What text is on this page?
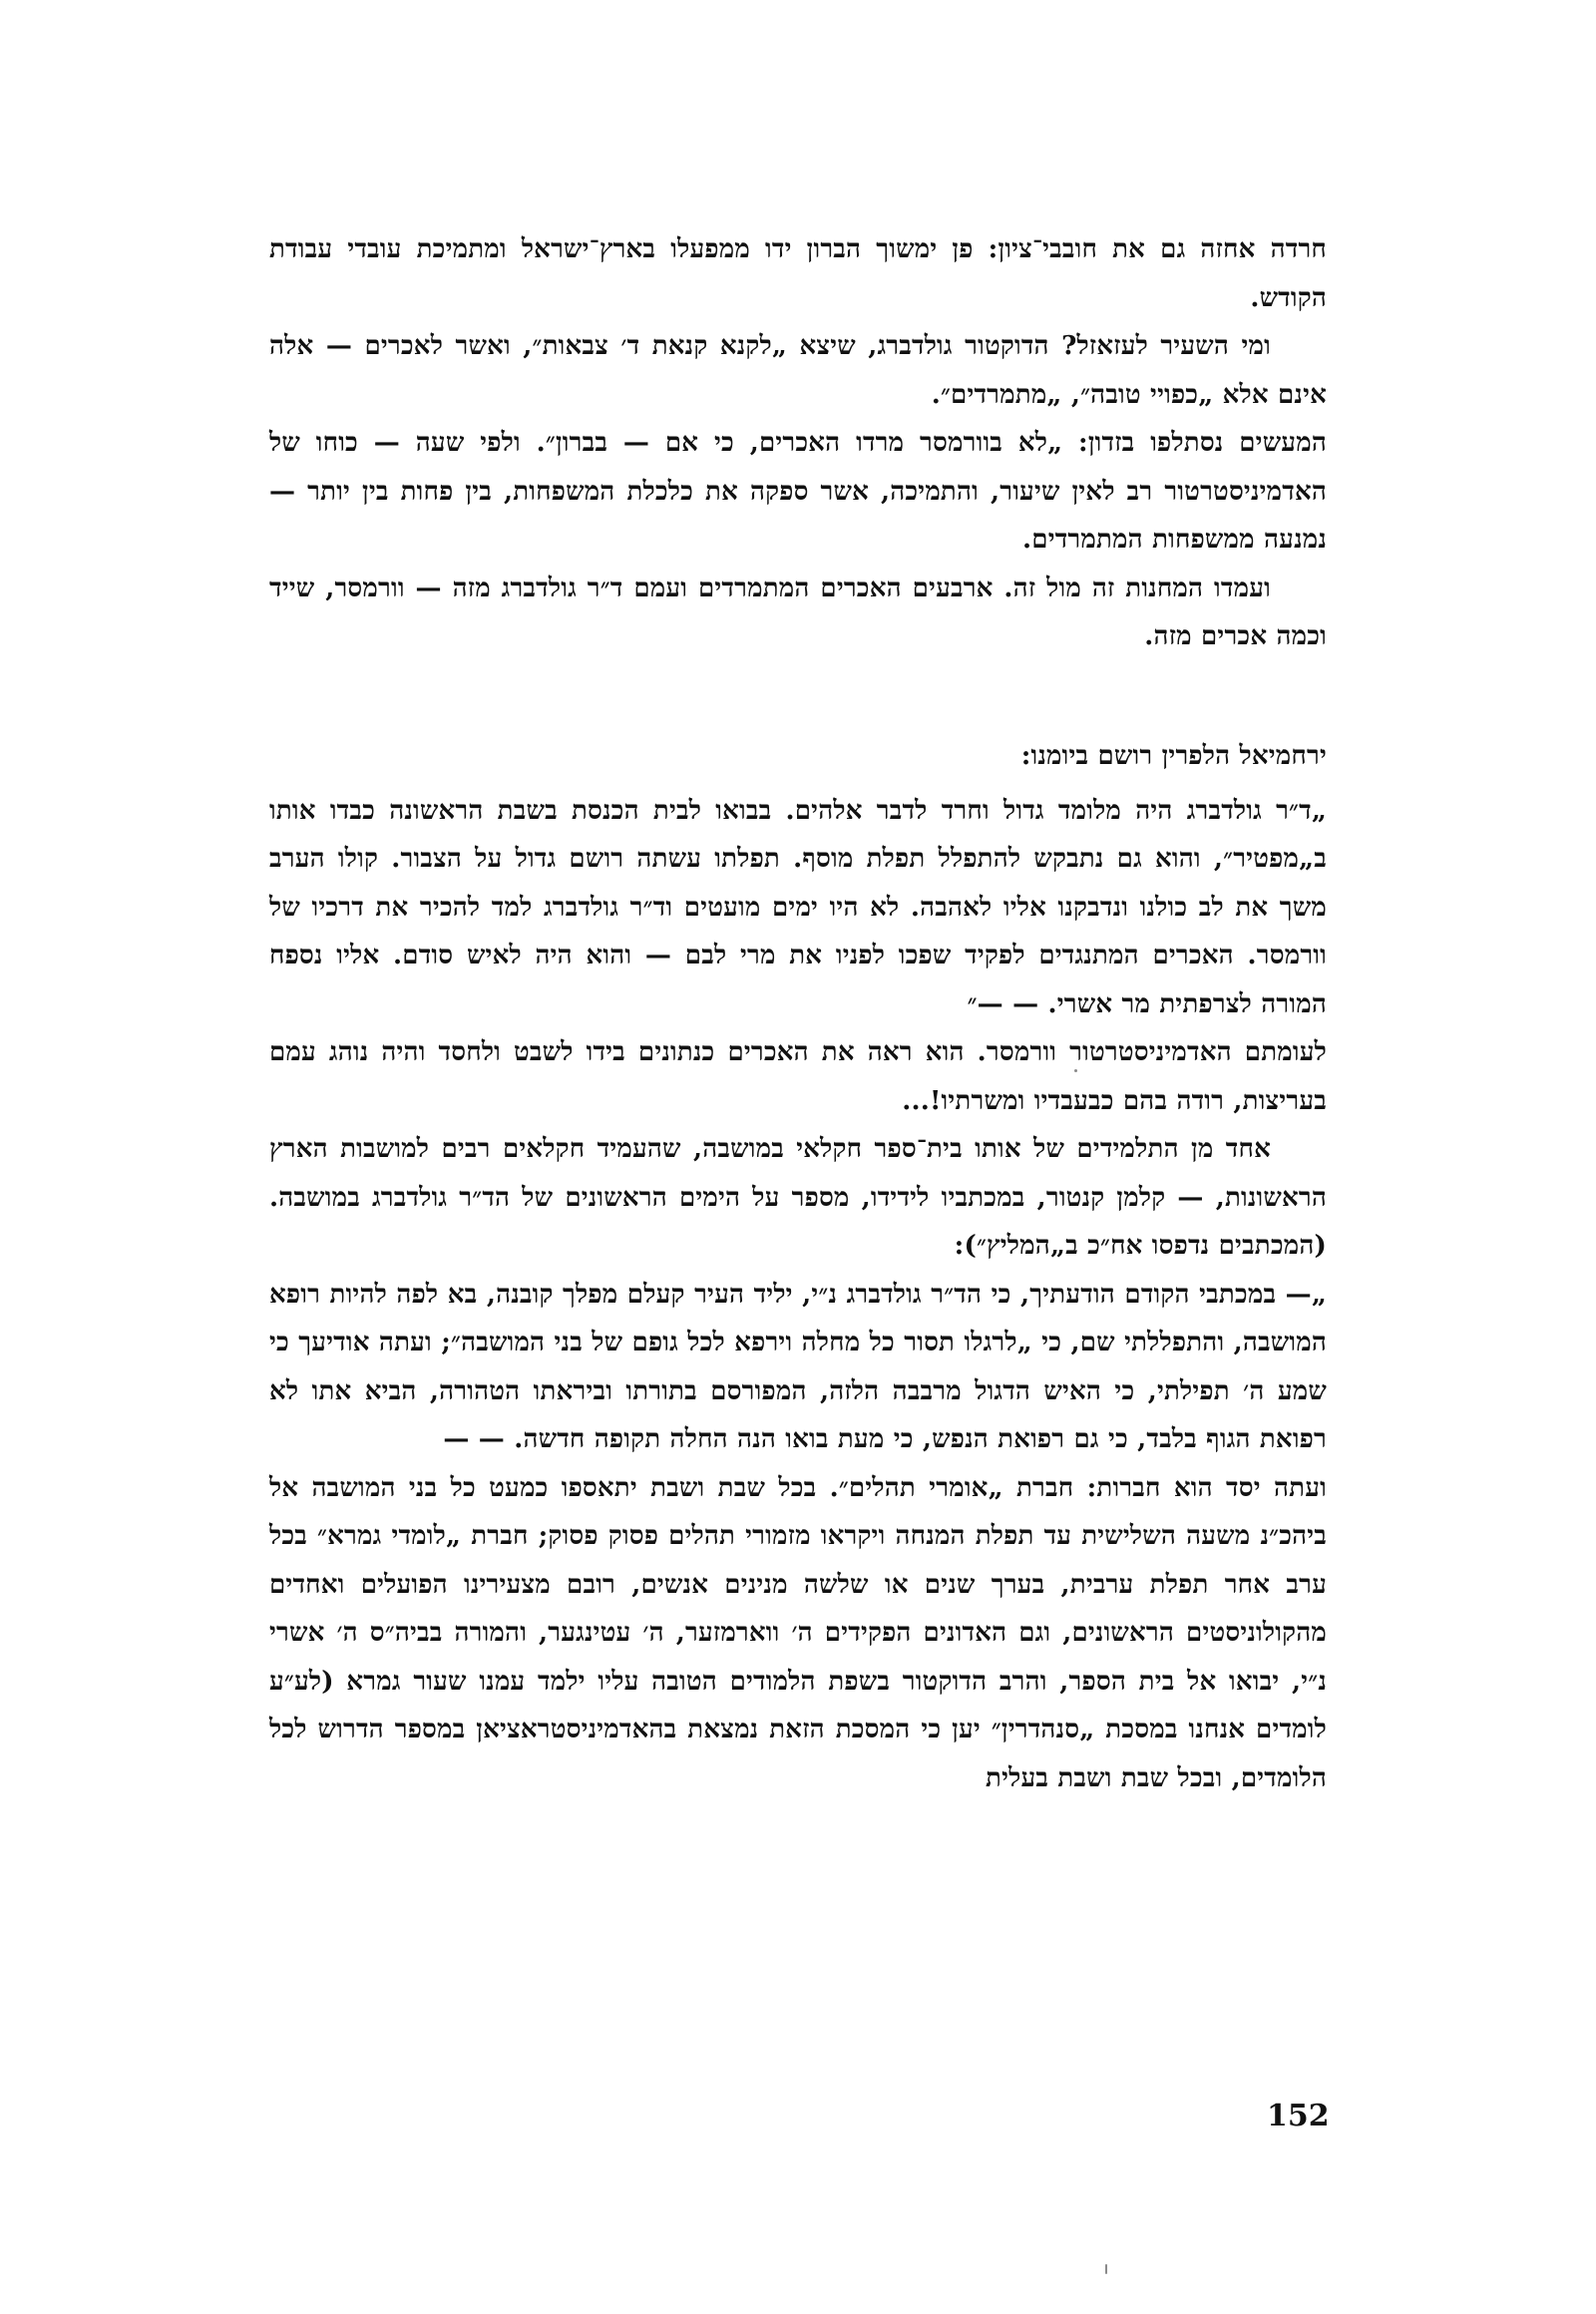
חרדה אחזה גם את חובבי־ציון: פן ימשוך הברון ידו ממפעלו בארץ־ישראל ומתמיכת עובדי עבודת הקודש.

ומי השעיר לעזאזל? הדוקטור גולדברג, שיצא „לקנא קנאת ד׳ צבאות״, ואשר לאכרים — אלה אינם אלא „כפויי טובה״, „מתמרדים״.

המעשים נסתלפו בזדון: „לא בוורמסר מרדו האכרים, כי אם — בברון״. ולפי שעה — כוחו של האדמיניסטרטור רב לאין שיעור, והתמיכה, אשר ספקה את כלכלת המשפחות, בין פחות בין יותר — נמנעה ממשפחות המתמרדים.

ועמדו המחנות זה מול זה. ארבעים האכרים המתמרדים ועמם ד״ר גולדברג מזה — וורמסר, שייד וכמה אכרים מזה.

ירחמיאל הלפרין רושם ביומנו:

„ד״ר גולדברג היה מלומד גדול וחרד לדבר אלהים. בבואו לבית הכנסת בשבת הראשונה כבדו אותו ב„מפטיר״, והוא גם נתבקש להתפלל תפלת מוסף. תפלתו עשתה רושם גדול על הצבור. קולו הערב משך את לב כולנו ונדבקנו אליו לאהבה. לא היו ימים מועטים וד״ר גולדברג למד להכיר את דרכיו של וורמסר. האכרים המתנגדים לפקיד שפכו לפניו את מרי לבם — והוא היה לאיש סודם. אליו נספח המורה לצרפתית מר אשרי. — —״

לעומתם האדמיניסטרטור וורמסר. הוא ראה את האכרים כנתונים בידו לשבט ולחסד והיה נוהג עמם בעריצות, רודה בהם כבעבדיו ומשרתיו!...

אחד מן התלמידים של אותו בית־ספר חקלאי במושבה, שהעמיד חקלאים רבים למושבות הארץ הראשונות, — קלמן קנטור, במכתביו לידידו, מספר על הימים הראשונים של הד״ר גולדברג במושבה. (המכתבים נדפסו אח״כ ב„המליץ״):

„— במכתבי הקודם הודעתיך, כי הד״ר גולדברג נ״י, יליד העיר קעלם מפלך קובנה, בא לפה להיות רופא המושבה, והתפללתי שם, כי „לרגלו תסור כל מחלה וירפא לכל גופם של בני המושבה״; ועתה אודיעך כי שמע ה׳ תפילתי, כי האיש הדגול מרבבה הלזה, המפורסם בתורתו וביראתו הטהורה, הביא אתו לא רפואת הגוף בלבד, כי גם רפואת הנפש, כי מעת בואו הנה החלה תקופה חדשה. — —

ועתה יסד הוא חברות: חברת „אומרי תהלים״. בכל שבת ושבת יתאספו כמעט כל בני המושבה אל ביהכ״נ משעה השלישית עד תפלת המנחה ויקראו מזמורי תהלים פסוק פסוק; חברת „לומדי גמרא״ בכל ערב אחר תפלת ערבית, בערך שנים או שלשה מנינים אנשים, רובם מצעירינו הפועלים ואחדים מהקולוניסטים הראשונים, וגם האדונים הפקידים ה׳ ווארמזער, ה׳ עטינגער, והמורה בביה״ס ה׳ אשרי נ״י, יבואו אל בית הספר, והרב הדוקטור בשפת הלמודים הטובה עליו ילמד עמנו שעור גמרא (לע״ע לומדים אנחנו במסכת „סנהדרין״ יען כי המסכת הזאת נמצאת בהאדמיניסטראציאן במספר הדרוש לכל הלומדים, ובכל שבת ושבת בעלית

152
